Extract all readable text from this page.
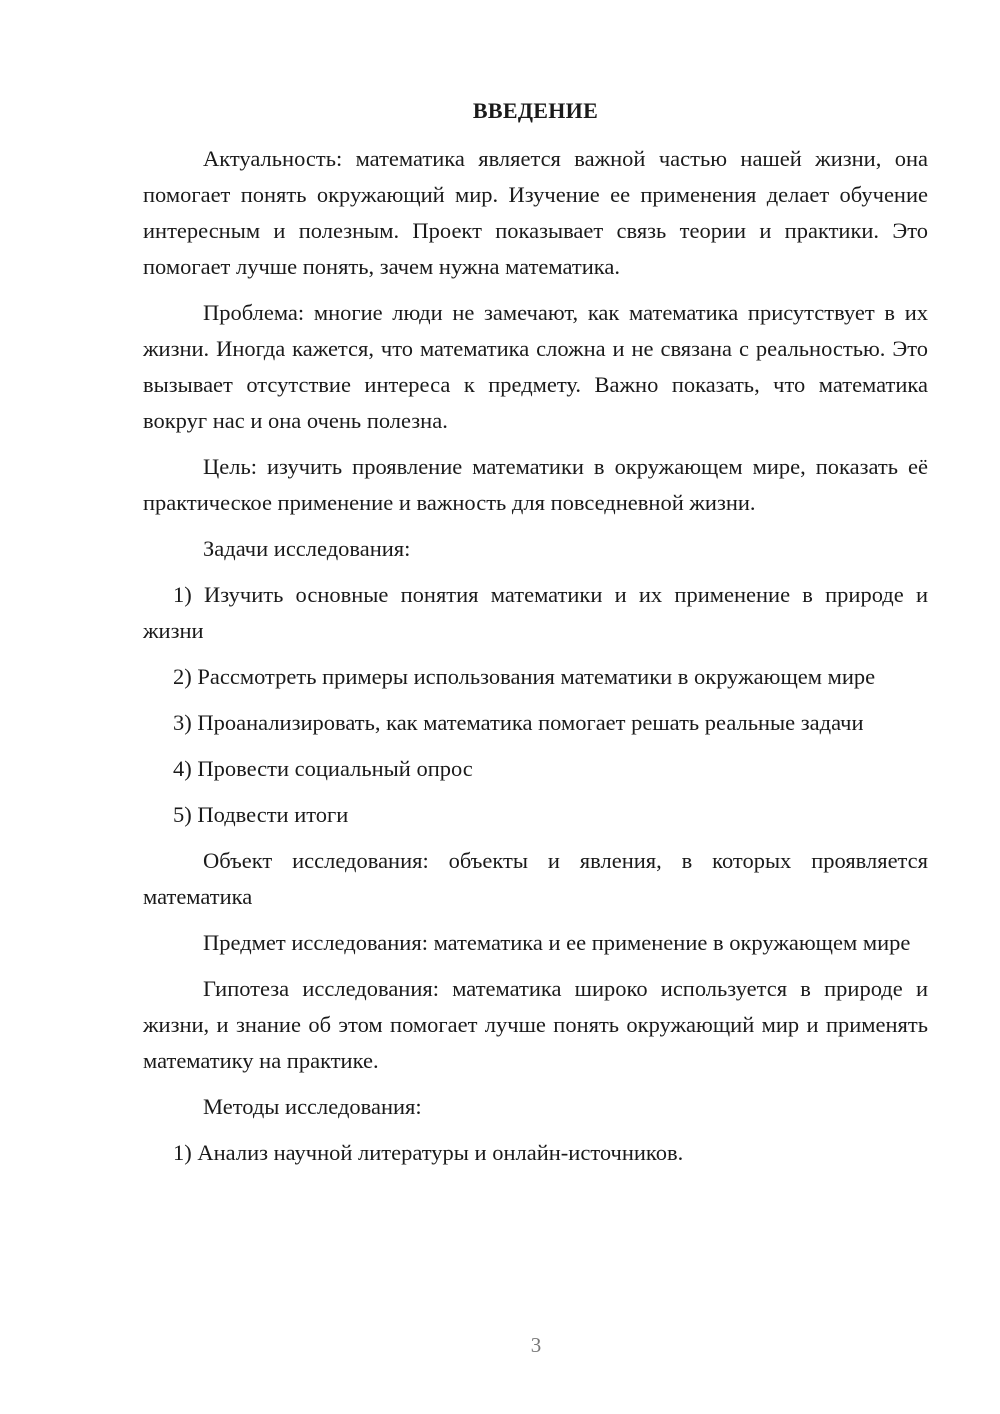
ВВЕДЕНИЕ

Актуальность: математика является важной частью нашей жизни, она помогает понять окружающий мир. Изучение ее применения делает обучение интересным и полезным. Проект показывает связь теории и практики. Это помогает лучше понять, зачем нужна математика.

Проблема: многие люди не замечают, как математика присутствует в их жизни. Иногда кажется, что математика сложна и не связана с реальностью. Это вызывает отсутствие интереса к предмету. Важно показать, что математика вокруг нас и она очень полезна.

Цель: изучить проявление математики в окружающем мире, показать её практическое применение и важность для повседневной жизни.

Задачи исследования:

1) Изучить основные понятия математики и их применение в природе и жизни

2) Рассмотреть примеры использования математики в окружающем мире

3) Проанализировать, как математика помогает решать реальные задачи

4) Провести социальный опрос

5) Подвести итоги

Объект исследования: объекты и явления, в которых проявляется математика

Предмет исследования: математика и ее применение в окружающем мире

Гипотеза исследования: математика широко используется в природе и жизни, и знание об этом помогает лучше понять окружающий мир и применять математику на практике.

Методы исследования:

1) Анализ научной литературы и онлайн-источников.

3
